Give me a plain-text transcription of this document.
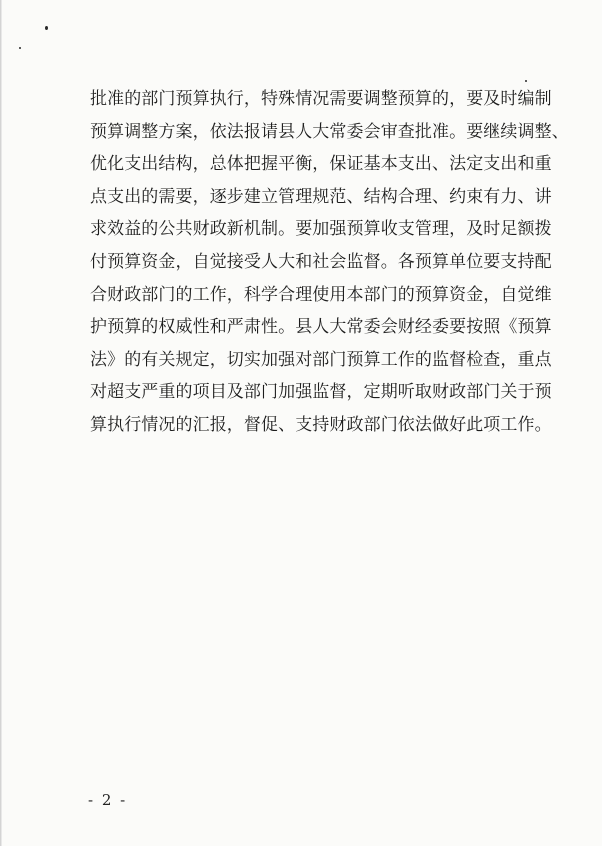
批准的部门预算执行，特殊情况需要调整预算的，要及时编制
预算调整方案，依法报请县人大常委会审查批准。要继续调整、
优化支出结构，总体把握平衡，保证基本支出、法定支出和重
点支出的需要，逐步建立管理规范、结构合理、约束有力、讲
求效益的公共财政新机制。要加强预算收支管理，及时足额拨
付预算资金，自觉接受人大和社会监督。各预算单位要支持配
合财政部门的工作，科学合理使用本部门的预算资金，自觉维
护预算的权威性和严肃性。县人大常委会财经委要按照《预算
法》的有关规定，切实加强对部门预算工作的监督检查，重点
对超支严重的项目及部门加强监督，定期听取财政部门关于预
算执行情况的汇报，督促、支持财政部门依法做好此项工作。
- 2 -
